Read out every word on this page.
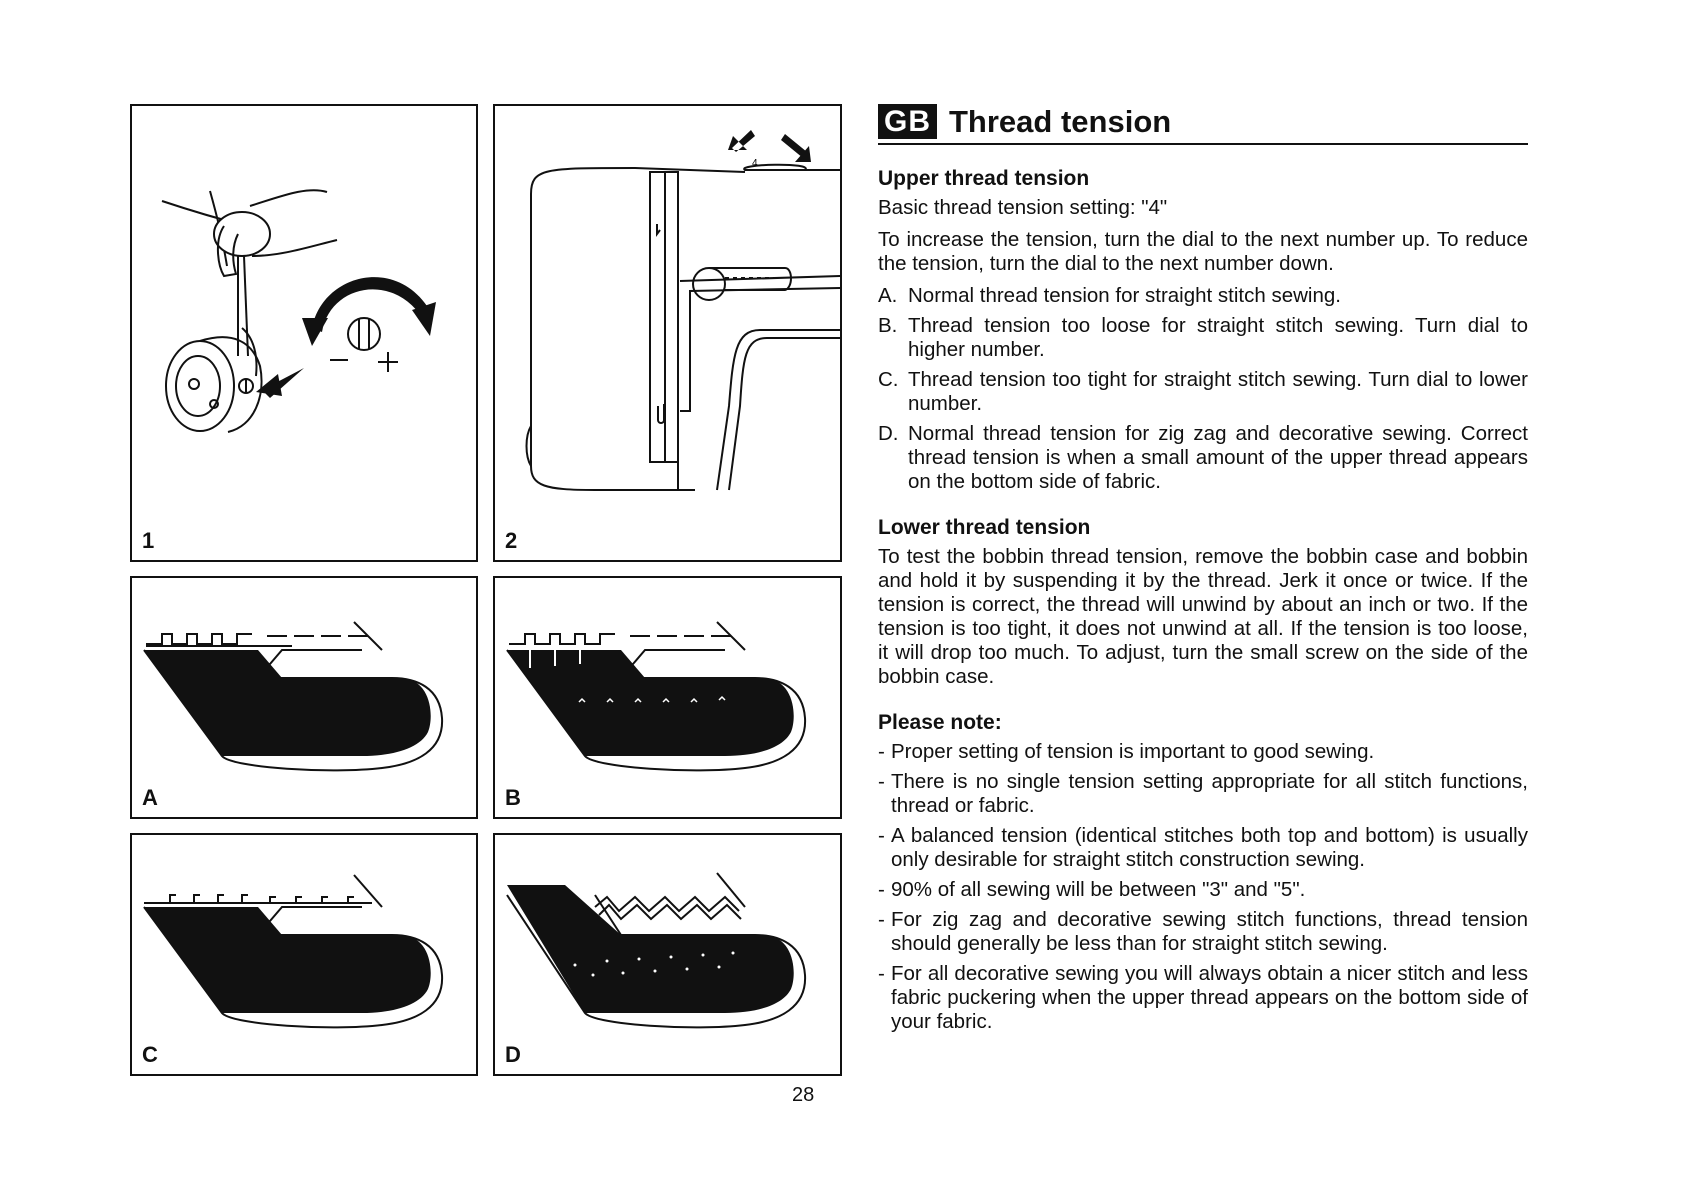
1
4
2
A	B
C	D
28
GB Thread tension
Upper thread tension

Basic thread tension setting: "4"

To increase the tension, turn the dial to the next number up. To reduce the tension, turn the dial to the next number down.

A. Normal thread tension for straight stitch sewing.
B. Thread tension too loose for straight stitch sewing. Turn dial to higher number.
C. Thread tension too tight for straight stitch sewing. Turn dial to lower number.
D. Normal thread tension for zig zag and decorative sewing. Correct thread tension is when a small amount of the upper thread appears on the bottom side of fabric.
Lower thread tension

To test the bobbin thread tension, remove the bobbin case and bobbin and hold it by suspending it by the thread. Jerk it once or twice. If the tension is correct, the thread will unwind by about an inch or two. If the tension is too tight, it does not unwind at all. If the tension is too loose, it will drop too much. To adjust, turn the small screw on the side of the bobbin case.

Please note:
- Proper setting of tension is important to good sewing.
- There is no single tension setting appropriate for all stitch functions, thread or fabric.
- A balanced tension (identical stitches both top and bottom) is usually only desirable for straight stitch construction sewing.
- 90% of all sewing will be between "3" and "5".
- For zig zag and decorative sewing stitch functions, thread tension should generally be less than for straight stitch sewing.
- For all decorative sewing you will always obtain a nicer stitch and less fabric puckering when the upper thread appears on the bottom side of your fabric.
